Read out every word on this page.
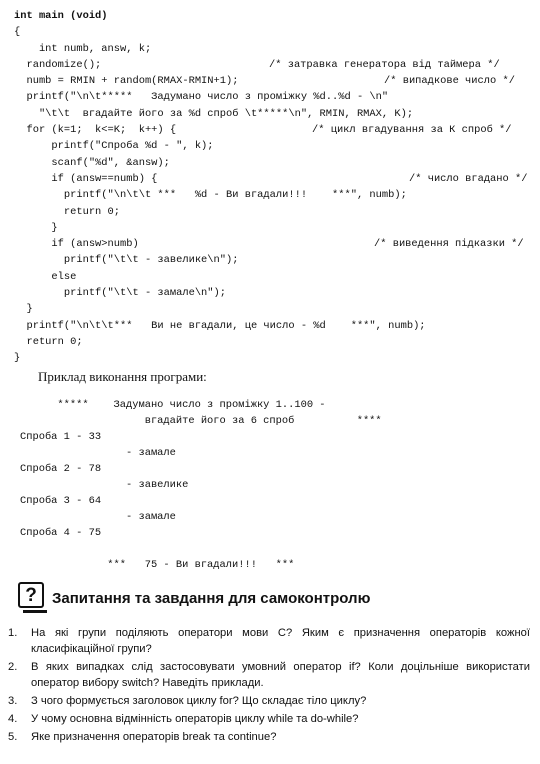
int main (void)
{
int numb, answ, k;
randomize();	/* затравка генератора від таймера */
numb = RMIN + random(RMAX-RMIN+1);	/* випадкове число */
printf("\n\t*****   Задумано число з проміжку %d..%d - \n"
"\t\t  вгадайте його за %d спроб \t*****\n", RMIN, RMAX, K);
for (k=1;  k<=K;  k++) {	/* цикл вгадування за К спроб */
printf("Спроба %d - ", k);
scanf("%d", &answ);
if (answ==numb) {	/* число вгадано */
printf("\n\t\t ***   %d - Ви вгадали!!!    ***", numb);
return 0;
}
if (answ>numb)	/* виведення підказки */
printf("\t\t - завелике\n");
else
printf("\t\t - замале\n");
}
printf("\n\t\t***   Ви не вгадали, це число - %d    ***", numb);
return 0;
}
Приклад виконання програми:
*****    Задумано число з проміжку 1..100 -
вгадайте його за 6 спроб          ****
Спроба 1 - 33
- замале
Спроба 2 - 78
- завелике
Спроба 3 - 64
- замале
Спроба 4 - 75
***   75 - Ви вгадали!!!   ***
?	Запитання та завдання для самоконтролю
1. На які групи поділяють оператори мови С? Яким є призначення операторів кожної класифікаційної групи?
2. В яких випадках слід застосовувати умовний оператор if? Коли доцільніше використати оператор вибору switch? Наведіть приклади.
3. З чого формується заголовок циклу for? Що складає тіло циклу?
4. У чому основна відмінність операторів циклу while та do-while?
5. Яке призначення операторів break та continue?
